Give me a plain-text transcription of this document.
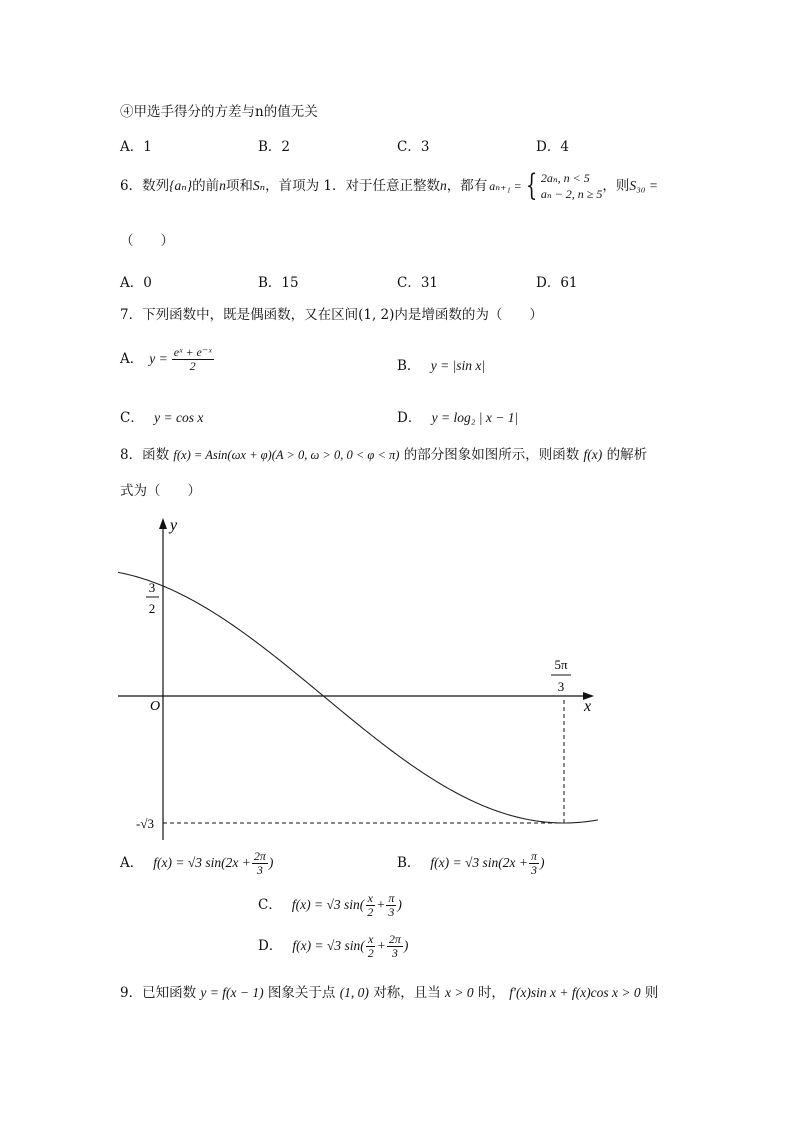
④甲选手得分的方差与n的值无关
A．1	B．2	C．3	D．4
6．数列 {aₙ} 的前 n 项和 Sₙ ，首项为 1．对于任意正整数 n ，都有 aₙ₊₁ = { 2aₙ, n < 5
aₙ − 2, n ≥ 5
，则 S₃₀ =
（　　）
A．0	B．15	C．31	D．61
7．下列函数中，既是偶函数，又在区间(1, 2)内是增函数的为（　　）
A． $y = \frac{\text{eˣ + e⁻ˣ}}{2}$	B． y = |sin x|
C． y = cos x	D． y = log₂ | x − 1|
8．函数 f(x) = Asin(ωx + φ)(A > 0, ω > 0, 0 < φ < π) 的部分图象如图所示，则函数 f(x) 的解析
式为（　　）
y
x
O
3
2
5π
3
-√3
A． f(x) = √3 $\sin(2x + \frac{2\pi}{3}$ )	B． f(x) = √3 $\sin(2x + \frac{\pi}{3}$ )
C． f(x) = √3 $\sin( \frac{x}{2} + \frac{\pi}{3}$ )
D． f(x) = √3 $\sin( \frac{x}{2} + \frac{2\pi}{3}$ )
9．已知函数 y = f(x − 1) 图象关于点 (1, 0) 对称，且当 x > 0 时， f′(x)sin x + f(x)cos x > 0 则
